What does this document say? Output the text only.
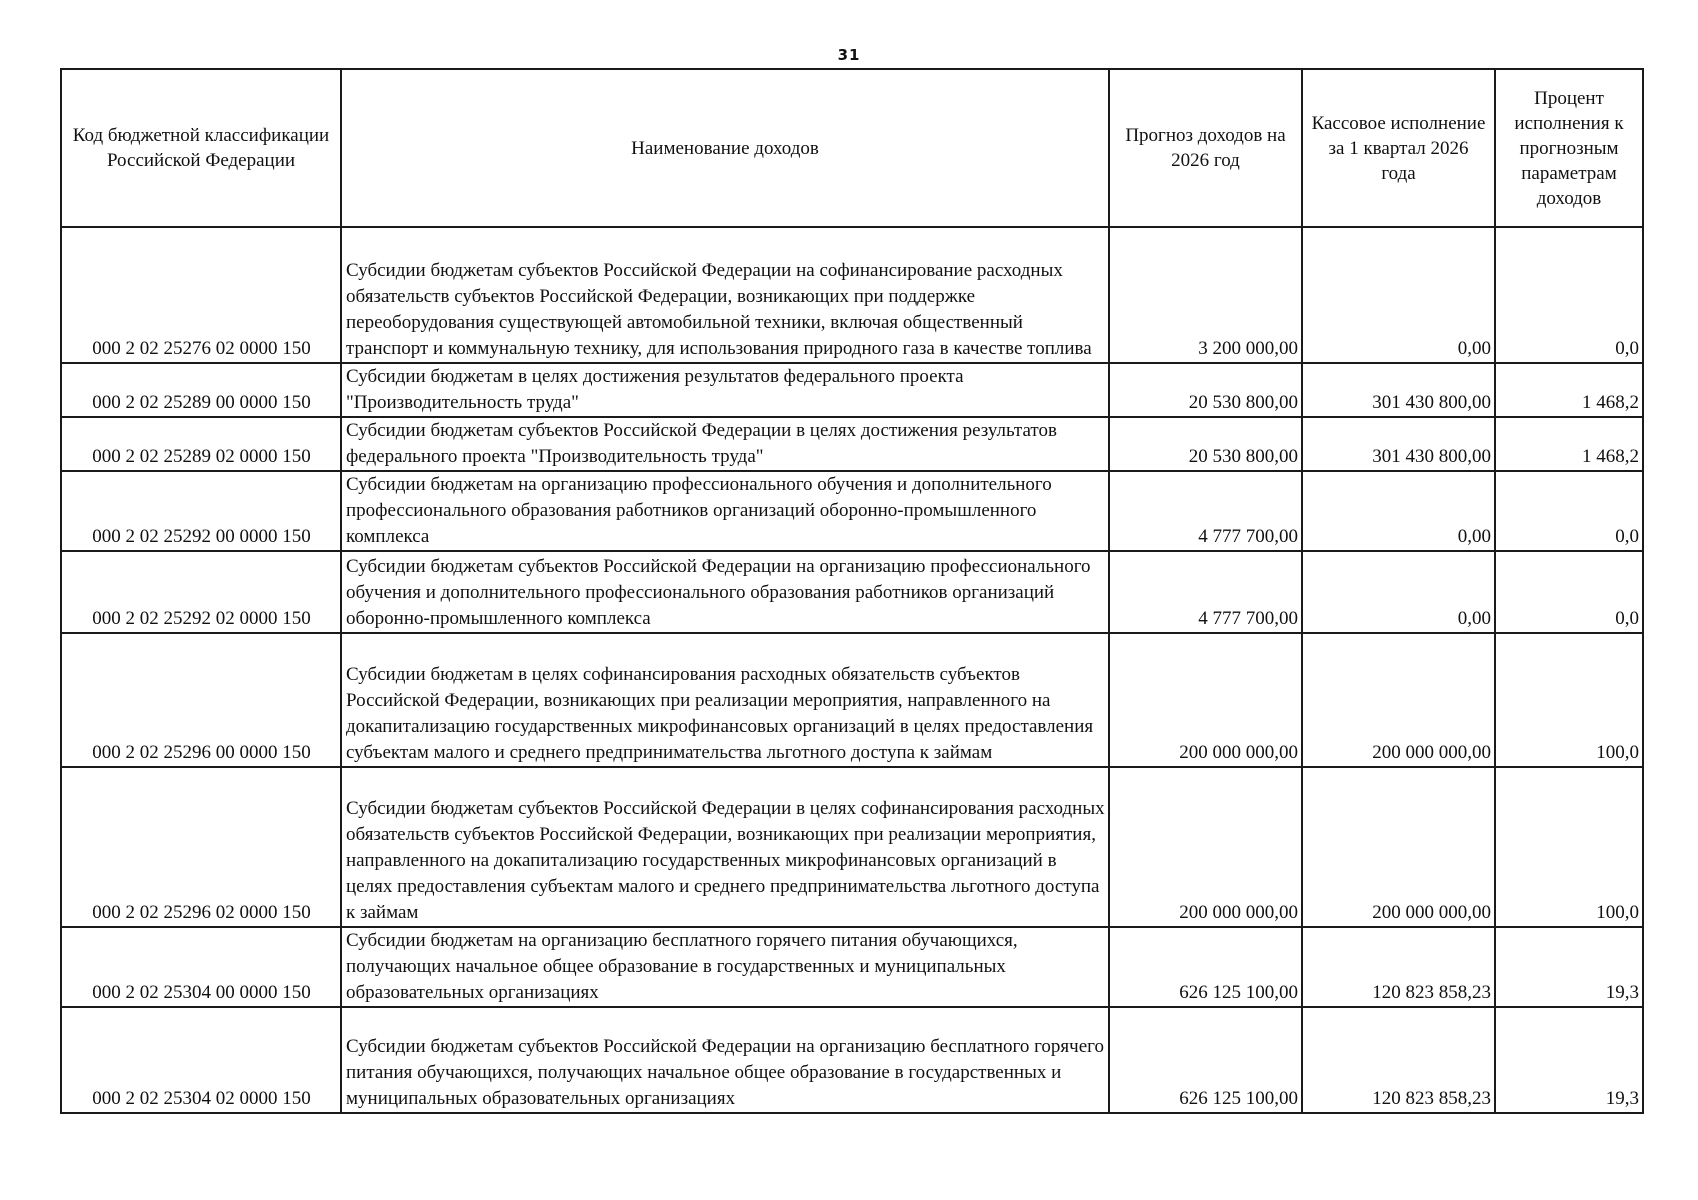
31
Код бюджетной классификации Российской Федерации	Наименование доходов	Прогноз доходов на 2026 год	Кассовое исполнение за 1 квартал 2026 года	Процент исполнения к прогнозным параметрам доходов
000 2 02 25276 02 0000 150	Субсидии бюджетам субъектов Российской Федерации на софинансирование расходных обязательств субъектов Российской Федерации, возникающих при поддержке переоборудования существующей автомобильной техники, включая общественный транспорт и коммунальную технику, для использования природного газа в качестве топлива	3 200 000,00	0,00	0,0
000 2 02 25289 00 0000 150	Субсидии бюджетам в целях достижения результатов федерального проекта "Производительность труда"	20 530 800,00	301 430 800,00	1 468,2
000 2 02 25289 02 0000 150	Субсидии бюджетам субъектов Российской Федерации в целях достижения результатов федерального проекта "Производительность труда"	20 530 800,00	301 430 800,00	1 468,2
000 2 02 25292 00 0000 150	Субсидии бюджетам на организацию профессионального обучения и дополнительного профессионального образования работников организаций оборонно-промышленного комплекса	4 777 700,00	0,00	0,0
000 2 02 25292 02 0000 150	Субсидии бюджетам субъектов Российской Федерации на организацию профессионального обучения и дополнительного профессионального образования работников организаций оборонно-промышленного комплекса	4 777 700,00	0,00	0,0
000 2 02 25296 00 0000 150	Субсидии бюджетам в целях софинансирования расходных обязательств субъектов Российской Федерации, возникающих при реализации мероприятия, направленного на докапитализацию государственных микрофинансовых организаций в целях предоставления субъектам малого и среднего предпринимательства льготного доступа к займам	200 000 000,00	200 000 000,00	100,0
000 2 02 25296 02 0000 150	Субсидии бюджетам субъектов Российской Федерации в целях софинансирования расходных обязательств субъектов Российской Федерации, возникающих при реализации мероприятия, направленного на докапитализацию государственных микрофинансовых организаций в целях предоставления субъектам малого и среднего предпринимательства льготного доступа к займам	200 000 000,00	200 000 000,00	100,0
000 2 02 25304 00 0000 150	Субсидии бюджетам на организацию бесплатного горячего питания обучающихся, получающих начальное общее образование в государственных и муниципальных образовательных организациях	626 125 100,00	120 823 858,23	19,3
000 2 02 25304 02 0000 150	Субсидии бюджетам субъектов Российской Федерации на организацию бесплатного горячего питания обучающихся, получающих начальное общее образование в государственных и муниципальных образовательных организациях	626 125 100,00	120 823 858,23	19,3
